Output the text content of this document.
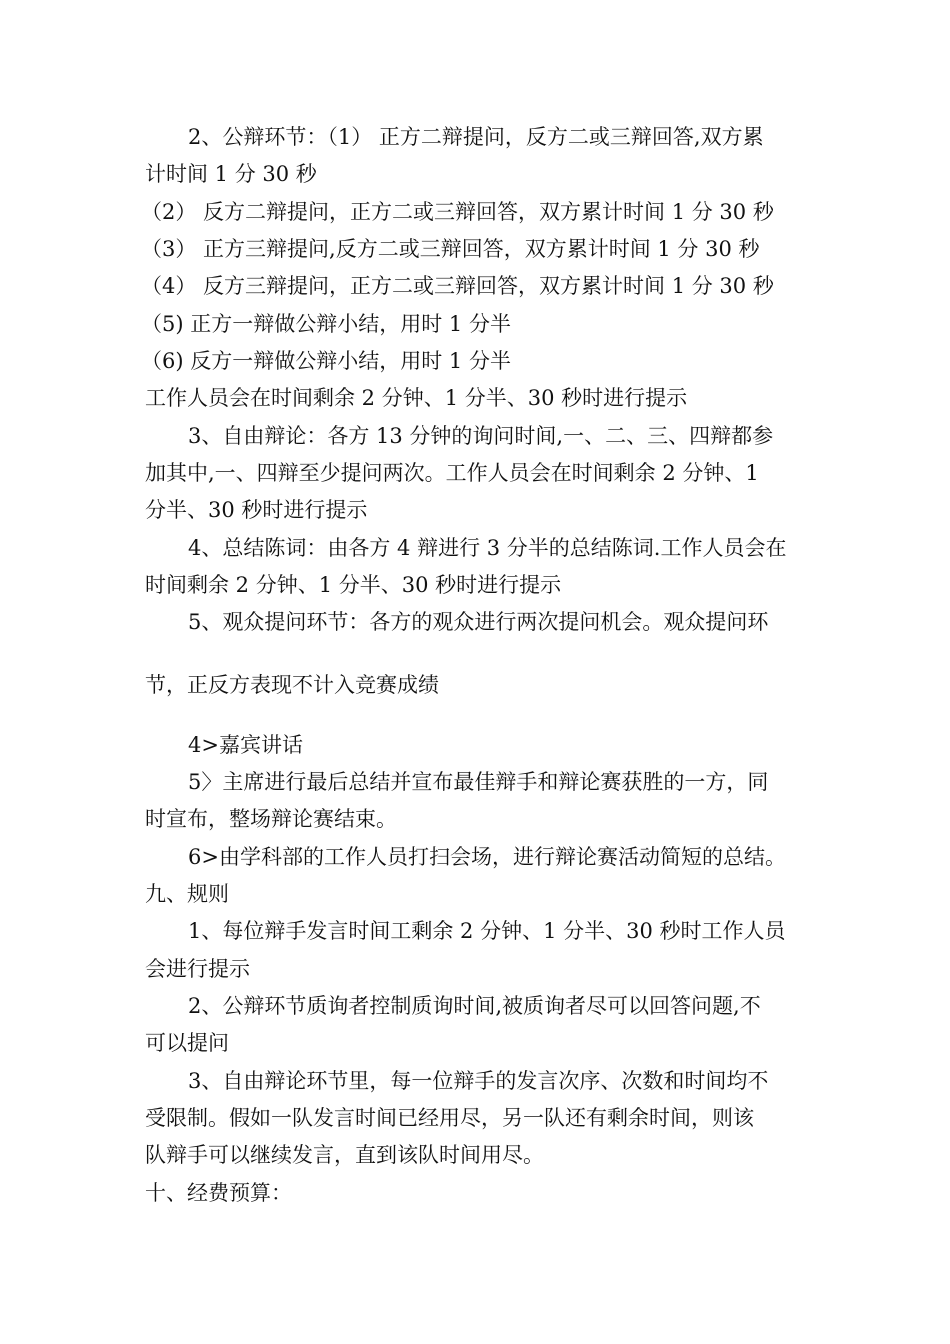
2、公辩环节：（1） 正方二辩提问，反方二或三辩回答,双方累
计时间 1 分 30 秒
（2） 反方二辩提问，正方二或三辩回答，双方累计时间 1 分 30 秒
（3） 正方三辩提问,反方二或三辩回答，双方累计时间 1 分 30 秒
（4） 反方三辩提问，正方二或三辩回答，双方累计时间 1 分 30 秒
（5) 正方一辩做公辩小结，用时 1 分半
（6) 反方一辩做公辩小结，用时 1 分半
工作人员会在时间剩余 2 分钟、1 分半、30 秒时进行提示
3、自由辩论：各方 13 分钟的询问时间,一、二、三、四辩都参
加其中,一、四辩至少提问两次。工作人员会在时间剩余 2 分钟、1
分半、30 秒时进行提示
4、总结陈词：由各方 4 辩进行 3 分半的总结陈词.工作人员会在
时间剩余 2 分钟、1 分半、30 秒时进行提示
5、观众提问环节：各方的观众进行两次提问机会。观众提问环
节，正反方表现不计入竞赛成绩
4>嘉宾讲话
5〉主席进行最后总结并宣布最佳辩手和辩论赛获胜的一方，同
时宣布，整场辩论赛结束。
6>由学科部的工作人员打扫会场，进行辩论赛活动简短的总结。
九、规则
1、每位辩手发言时间工剩余 2 分钟、1 分半、30 秒时工作人员
会进行提示
2、公辩环节质询者控制质询时间,被质询者尽可以回答问题,不
可以提问
3、自由辩论环节里，每一位辩手的发言次序、次数和时间均不
受限制。假如一队发言时间已经用尽，另一队还有剩余时间，则该
队辩手可以继续发言，直到该队时间用尽。
十、经费预算：
